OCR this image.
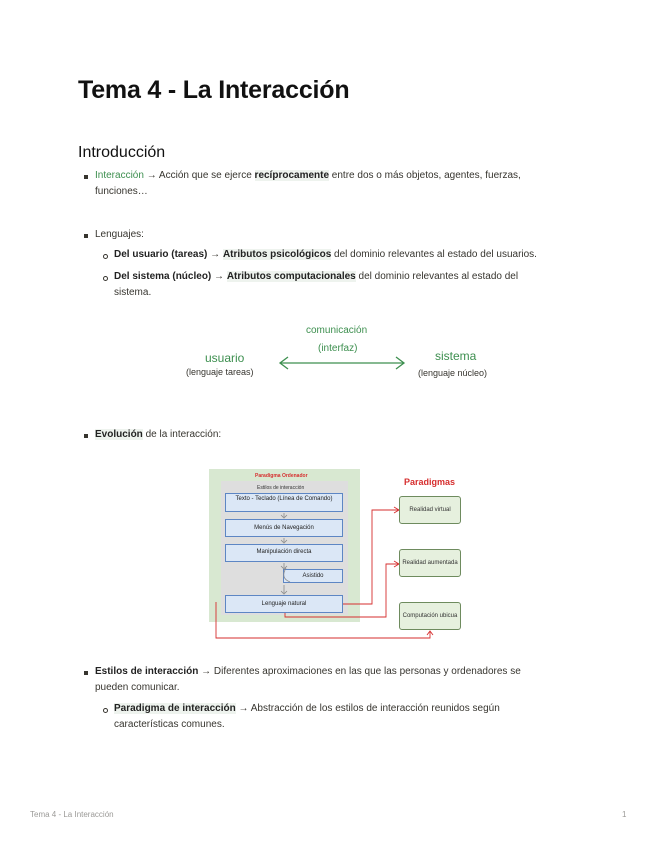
Tema 4 - La Interacción
Introducción
Interacción → Acción que se ejerce recíprocamente entre dos o más objetos, agentes, fuerzas,
funciones…
Lenguajes:
Del usuario (tareas) → Atributos psicológicos del dominio relevantes al estado del usuarios.
Del sistema (núcleo) → Atributos computacionales del dominio relevantes al estado del
sistema.
comunicación
(interfaz)
usuario
(lenguaje tareas)
sistema
(lenguaje núcleo)
Evolución de la interacción:
Paradigma Ordenador
Estilos de interacción
Texto - Teclado (Línea de Comando)
Menús de Navegación
Manipulación directa
Asistido
Lenguaje natural
Paradigmas
Realidad virtual
Realidad aumentada
Computación ubicua
Estilos de interacción → Diferentes aproximaciones en las que las personas y ordenadores se
pueden comunicar.
Paradigma de interacción → Abstracción de los estilos de interacción reunidos según
características comunes.
Tema 4 - La Interacción	1
